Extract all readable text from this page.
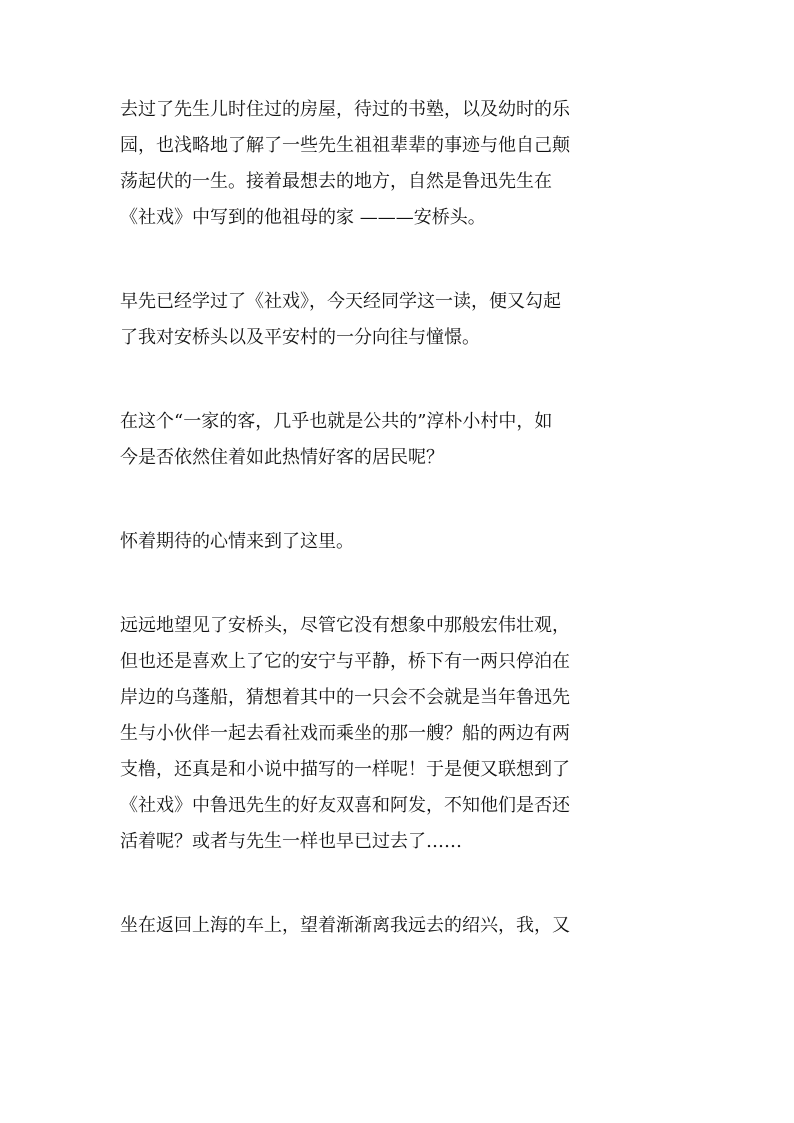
去过了先生儿时住过的房屋，待过的书塾，以及幼时的乐
园，也浅略地了解了一些先生祖祖辈辈的事迹与他自己颠
荡起伏的一生。接着最想去的地方，自然是鲁迅先生在
《社戏》中写到的他祖母的家 ———安桥头。

早先已经学过了《社戏》，今天经同学这一读，便又勾起
了我对安桥头以及平安村的一分向往与憧憬。

在这个“一家的客，几乎也就是公共的”淳朴小村中，如
今是否依然住着如此热情好客的居民呢？

怀着期待的心情来到了这里。

远远地望见了安桥头，尽管它没有想象中那般宏伟壮观，
但也还是喜欢上了它的安宁与平静，桥下有一两只停泊在
岸边的乌蓬船，猜想着其中的一只会不会就是当年鲁迅先
生与小伙伴一起去看社戏而乘坐的那一艘？船的两边有两
支橹，还真是和小说中描写的一样呢！于是便又联想到了
《社戏》中鲁迅先生的好友双喜和阿发，不知他们是否还
活着呢？或者与先生一样也早已过去了……

坐在返回上海的车上，望着渐渐离我远去的绍兴，我，又
